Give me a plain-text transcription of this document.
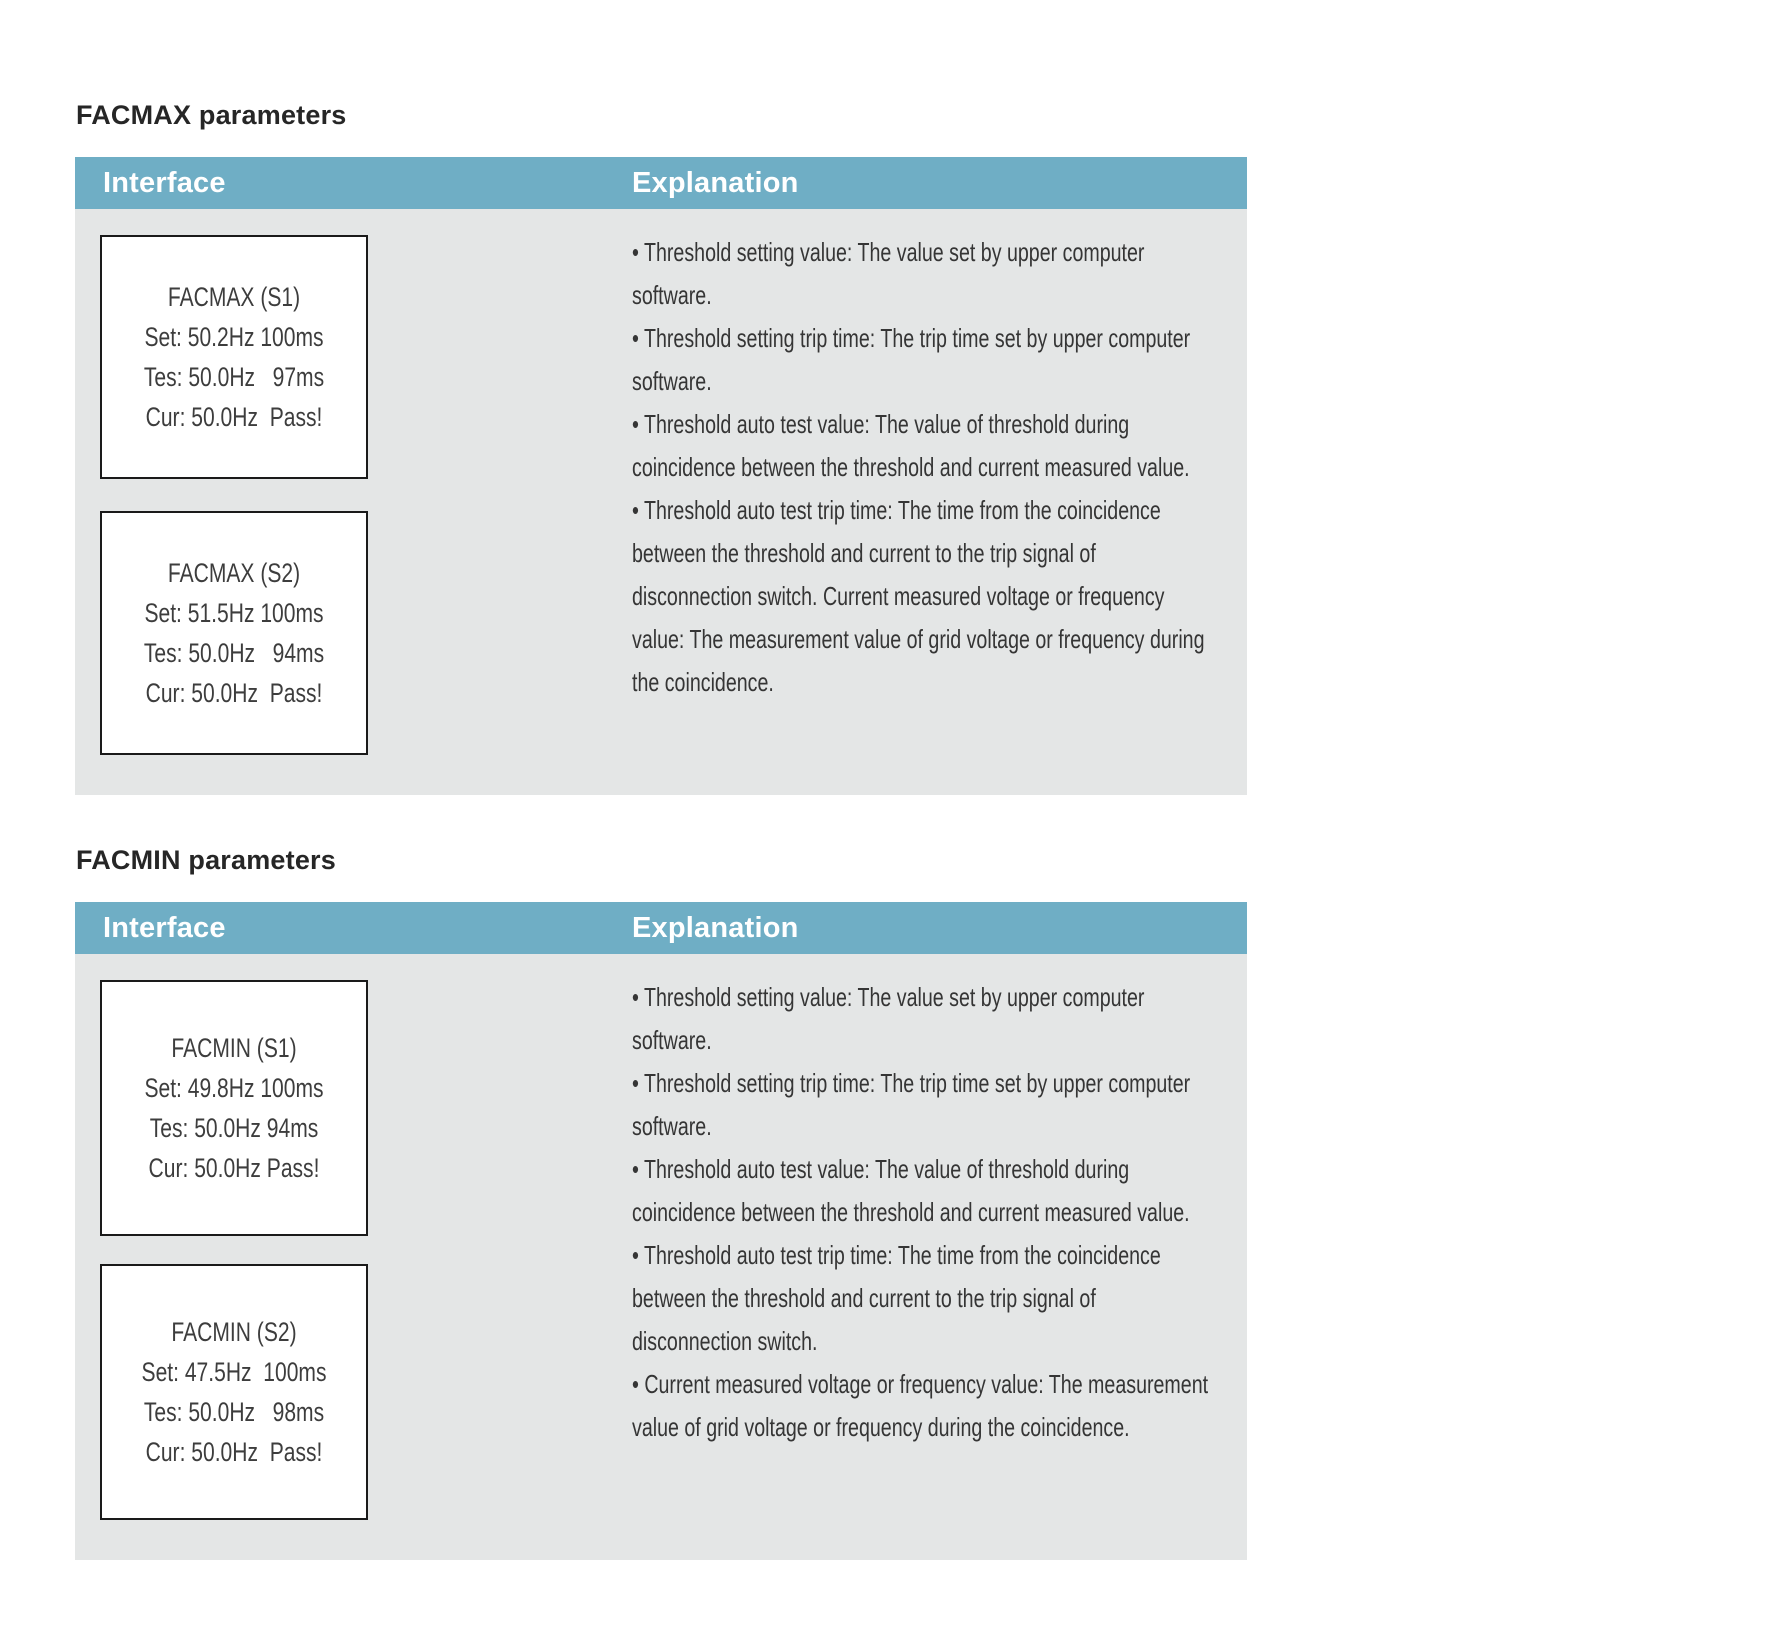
FACMAX parameters
Interface	Explanation
FACMAX (S1)
Set: 50.2Hz 100ms
Tes: 50.0Hz   97ms
Cur: 50.0Hz  Pass!
FACMAX (S2)
Set: 51.5Hz 100ms
Tes: 50.0Hz   94ms
Cur: 50.0Hz  Pass!

• Threshold setting value: The value set by upper computer software.

• Threshold setting trip time: The trip time set by upper computer software.

• Threshold auto test value: The value of threshold during coincidence between the threshold and current measured value.

• Threshold auto test trip time: The time from the coincidence between the threshold and current to the trip signal of disconnection switch. Current measured voltage or frequency value: The measurement value of grid voltage or frequency during the coincidence.

FACMIN parameters
Interface	Explanation
FACMIN (S1)
Set: 49.8Hz 100ms
Tes: 50.0Hz 94ms
Cur: 50.0Hz Pass!
FACMIN (S2)
Set: 47.5Hz  100ms
Tes: 50.0Hz   98ms
Cur: 50.0Hz  Pass!

• Threshold setting value: The value set by upper computer software.

• Threshold setting trip time: The trip time set by upper computer software.

• Threshold auto test value: The value of threshold during coincidence between the threshold and current measured value.

• Threshold auto test trip time: The time from the coincidence between the threshold and current to the trip signal of disconnection switch.

• Current measured voltage or frequency value: The measurement value of grid voltage or frequency during the coincidence.
